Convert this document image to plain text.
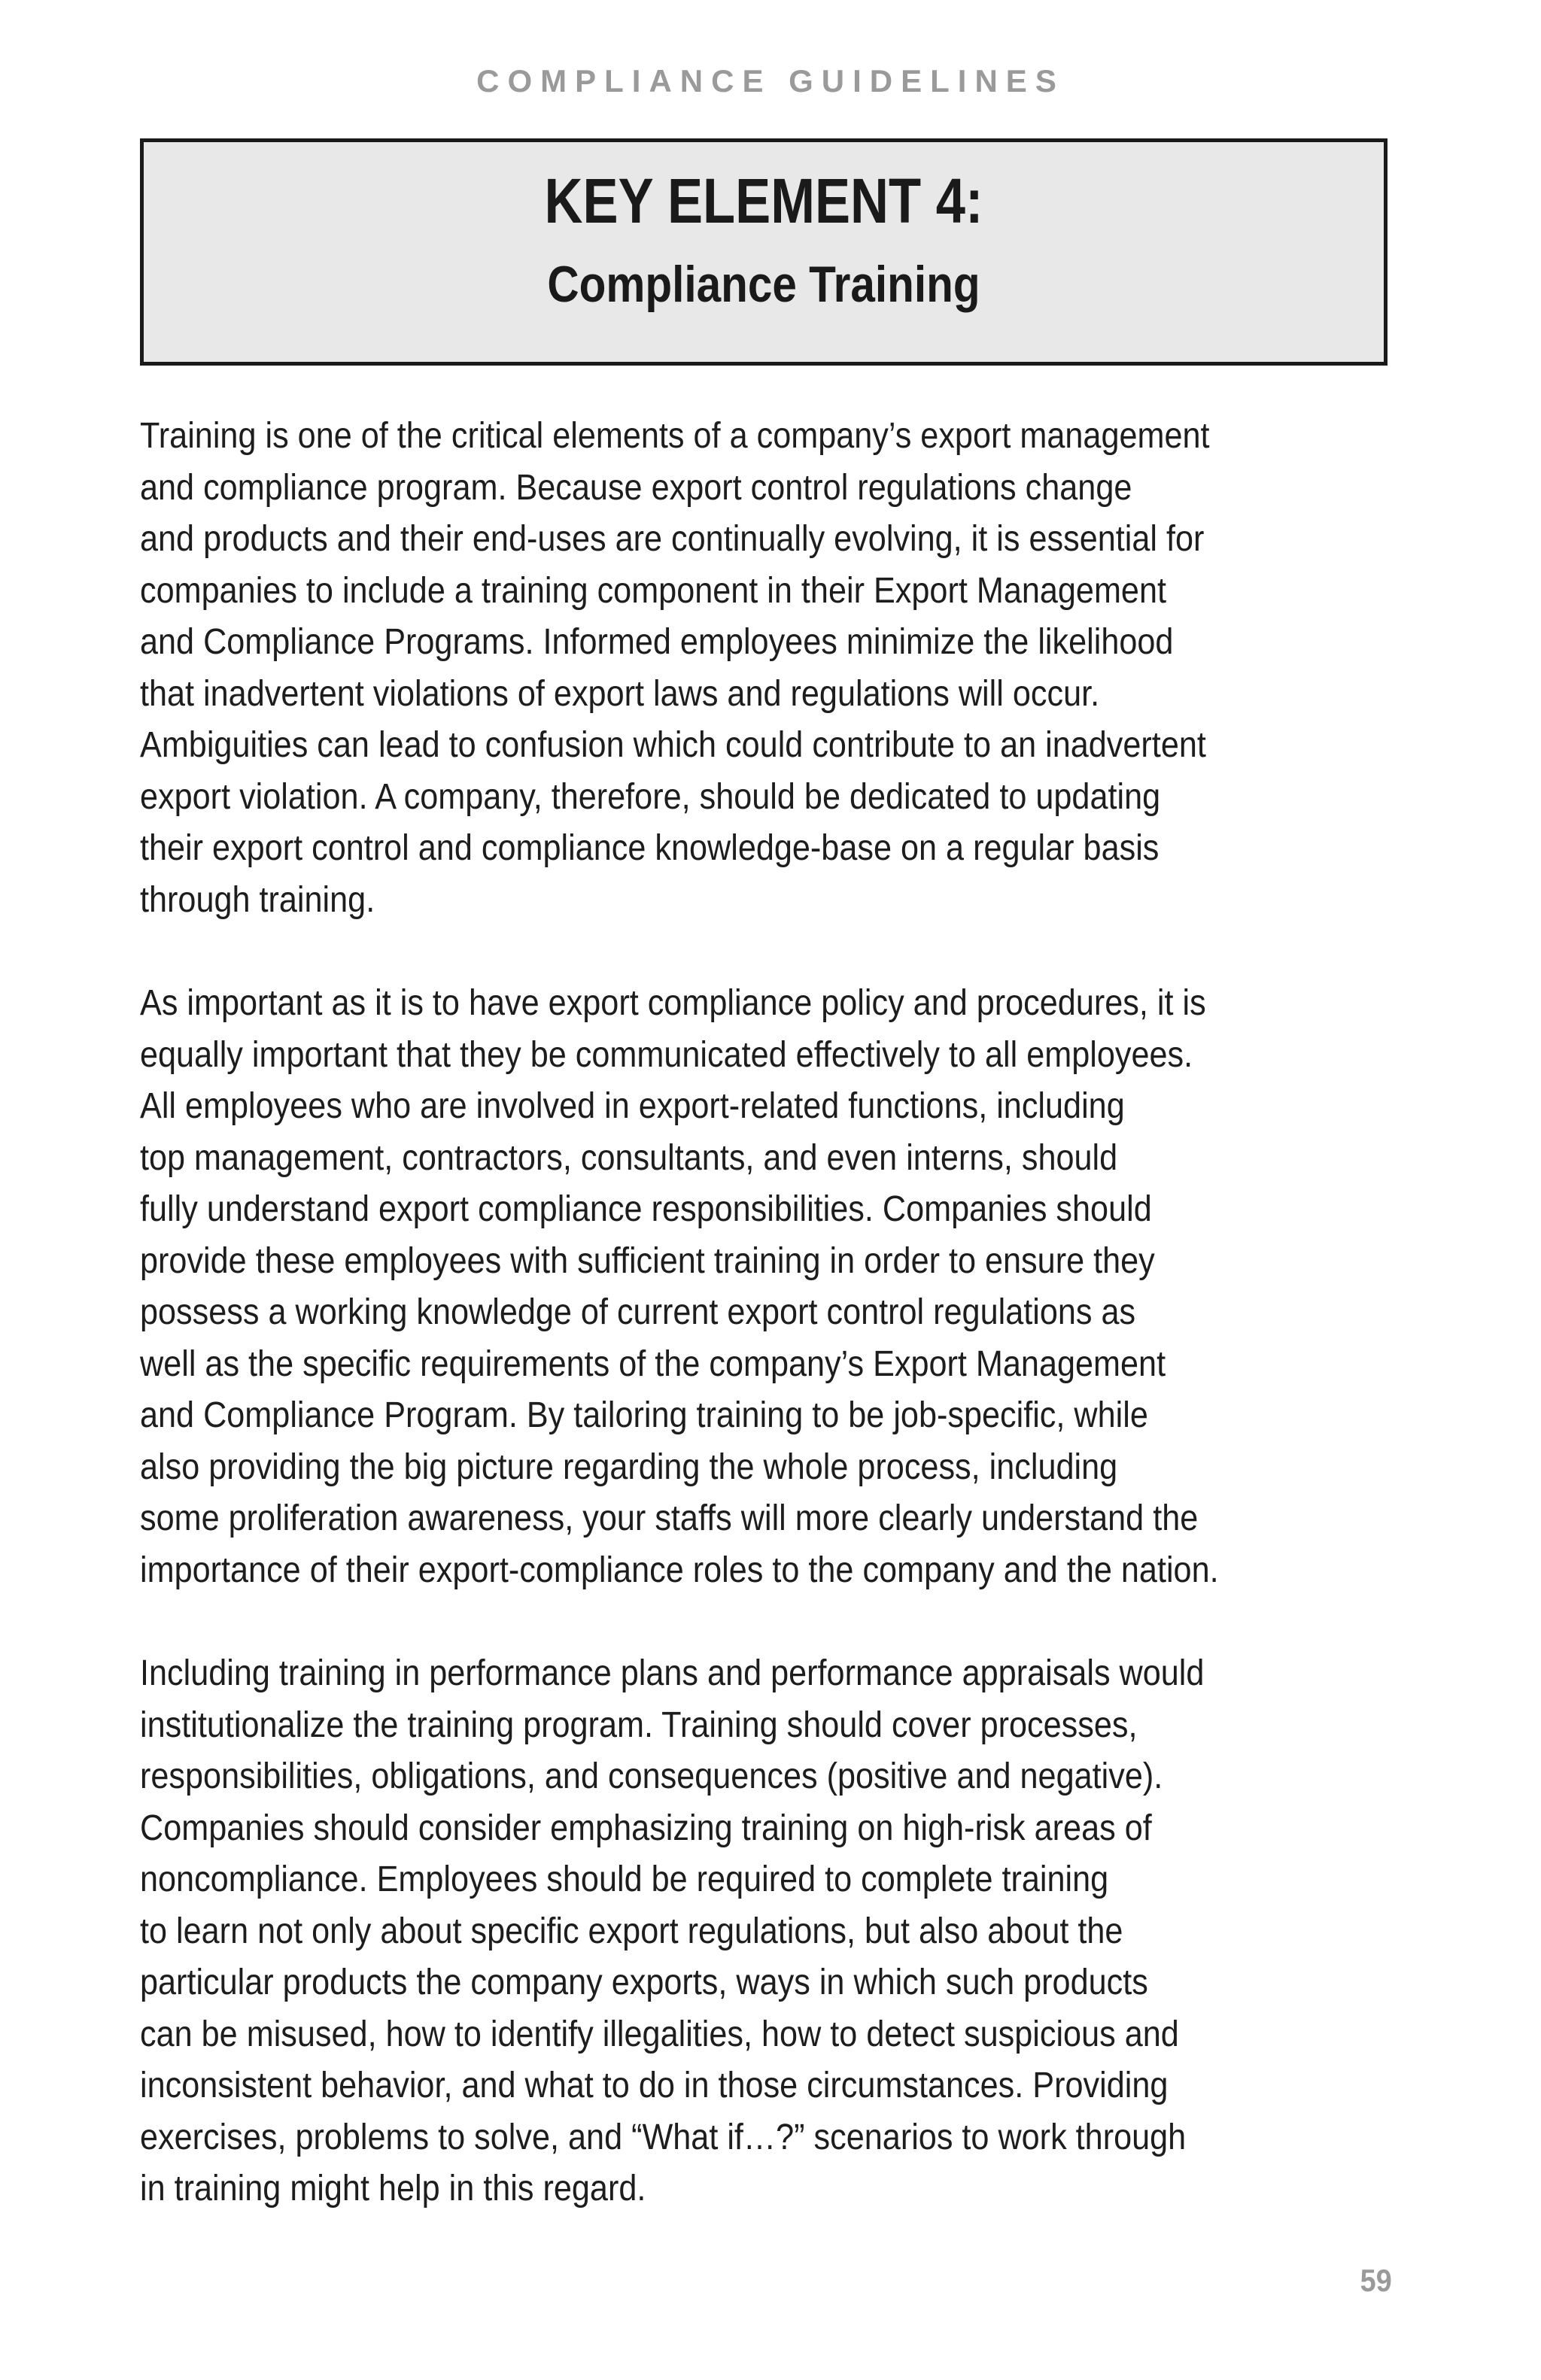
COMPLIANCE GUIDELINES
KEY ELEMENT 4:
Compliance Training
Training is one of the critical elements of a company’s export management
and compliance program. Because export control regulations change
and products and their end-uses are continually evolving, it is essential for
companies to include a training component in their Export Management
and Compliance Programs. Informed employees minimize the likelihood
that inadvertent violations of export laws and regulations will occur.
Ambiguities can lead to confusion which could contribute to an inadvertent
export violation. A company, therefore, should be dedicated to updating
their export control and compliance knowledge-base on a regular basis
through training.
As important as it is to have export compliance policy and procedures, it is
equally important that they be communicated effectively to all employees.
All employees who are involved in export-related functions, including
top management, contractors, consultants, and even interns, should
fully understand export compliance responsibilities. Companies should
provide these employees with sufficient training in order to ensure they
possess a working knowledge of current export control regulations as
well as the specific requirements of the company’s Export Management
and Compliance Program. By tailoring training to be job-specific, while
also providing the big picture regarding the whole process, including
some proliferation awareness, your staffs will more clearly understand the
importance of their export-compliance roles to the company and the nation.
Including training in performance plans and performance appraisals would
institutionalize the training program. Training should cover processes,
responsibilities, obligations, and consequences (positive and negative).
Companies should consider emphasizing training on high-risk areas of
noncompliance. Employees should be required to complete training
to learn not only about specific export regulations, but also about the
particular products the company exports, ways in which such products
can be misused, how to identify illegalities, how to detect suspicious and
inconsistent behavior, and what to do in those circumstances. Providing
exercises, problems to solve, and “What if…?” scenarios to work through
in training might help in this regard.
59
